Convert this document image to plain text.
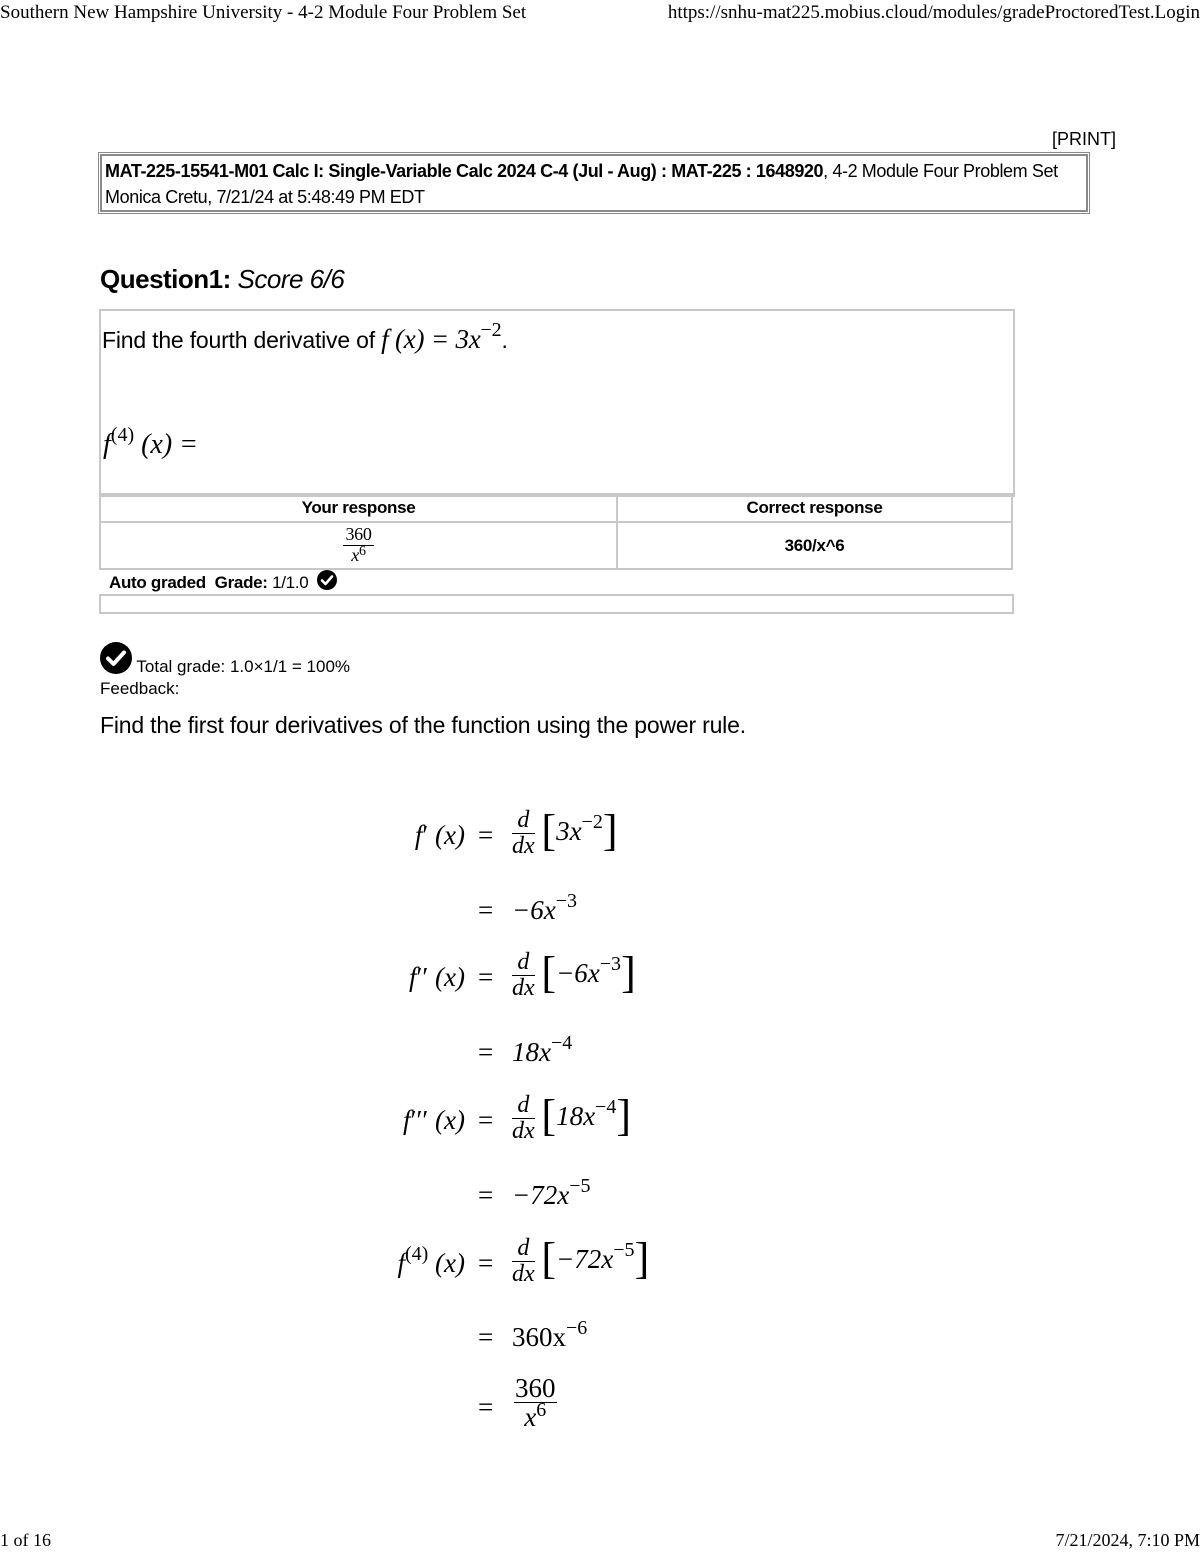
Southern New Hampshire University - 4-2 Module Four Problem Set	https://snhu-mat225.mobius.cloud/modules/gradeProctoredTest.Login
[PRINT]
MAT-225-15541-M01 Calc I: Single-Variable Calc 2024 C-4 (Jul - Aug) : MAT-225 : 1648920, 4-2 Module Four Problem Set
Monica Cretu, 7/21/24 at 5:48:49 PM EDT
Question1: Score 6/6
Find the fourth derivative of f $(x) = 3x^{-2}$.
$f^{(4)}$ (x) =
Your response	Correct response

$\frac{360}{x^6}$	360/x^6
Auto graded Grade: 1/1.0
Total grade: 1.0×1/1 = 100%
Feedback:
Find the first four derivatives of the function using the power rule.
f′ $(x) = \frac{d}{dx} [3x^{-2}]$
= $-6x^{-3}$
f′′ $(x) = \frac{d}{dx} [-6x^{-3}]$
= $18x^{-4}$
f′′′ $(x) = \frac{d}{dx} [18x^{-4}]$
= $-72x^{-5}$
$f^{(4)}$ $(x) = \frac{d}{dx} [-72x^{-5}]$
= $360x^{-6}$
= $\frac{360}{x^6}$
1 of 16	7/21/2024, 7:10 PM
